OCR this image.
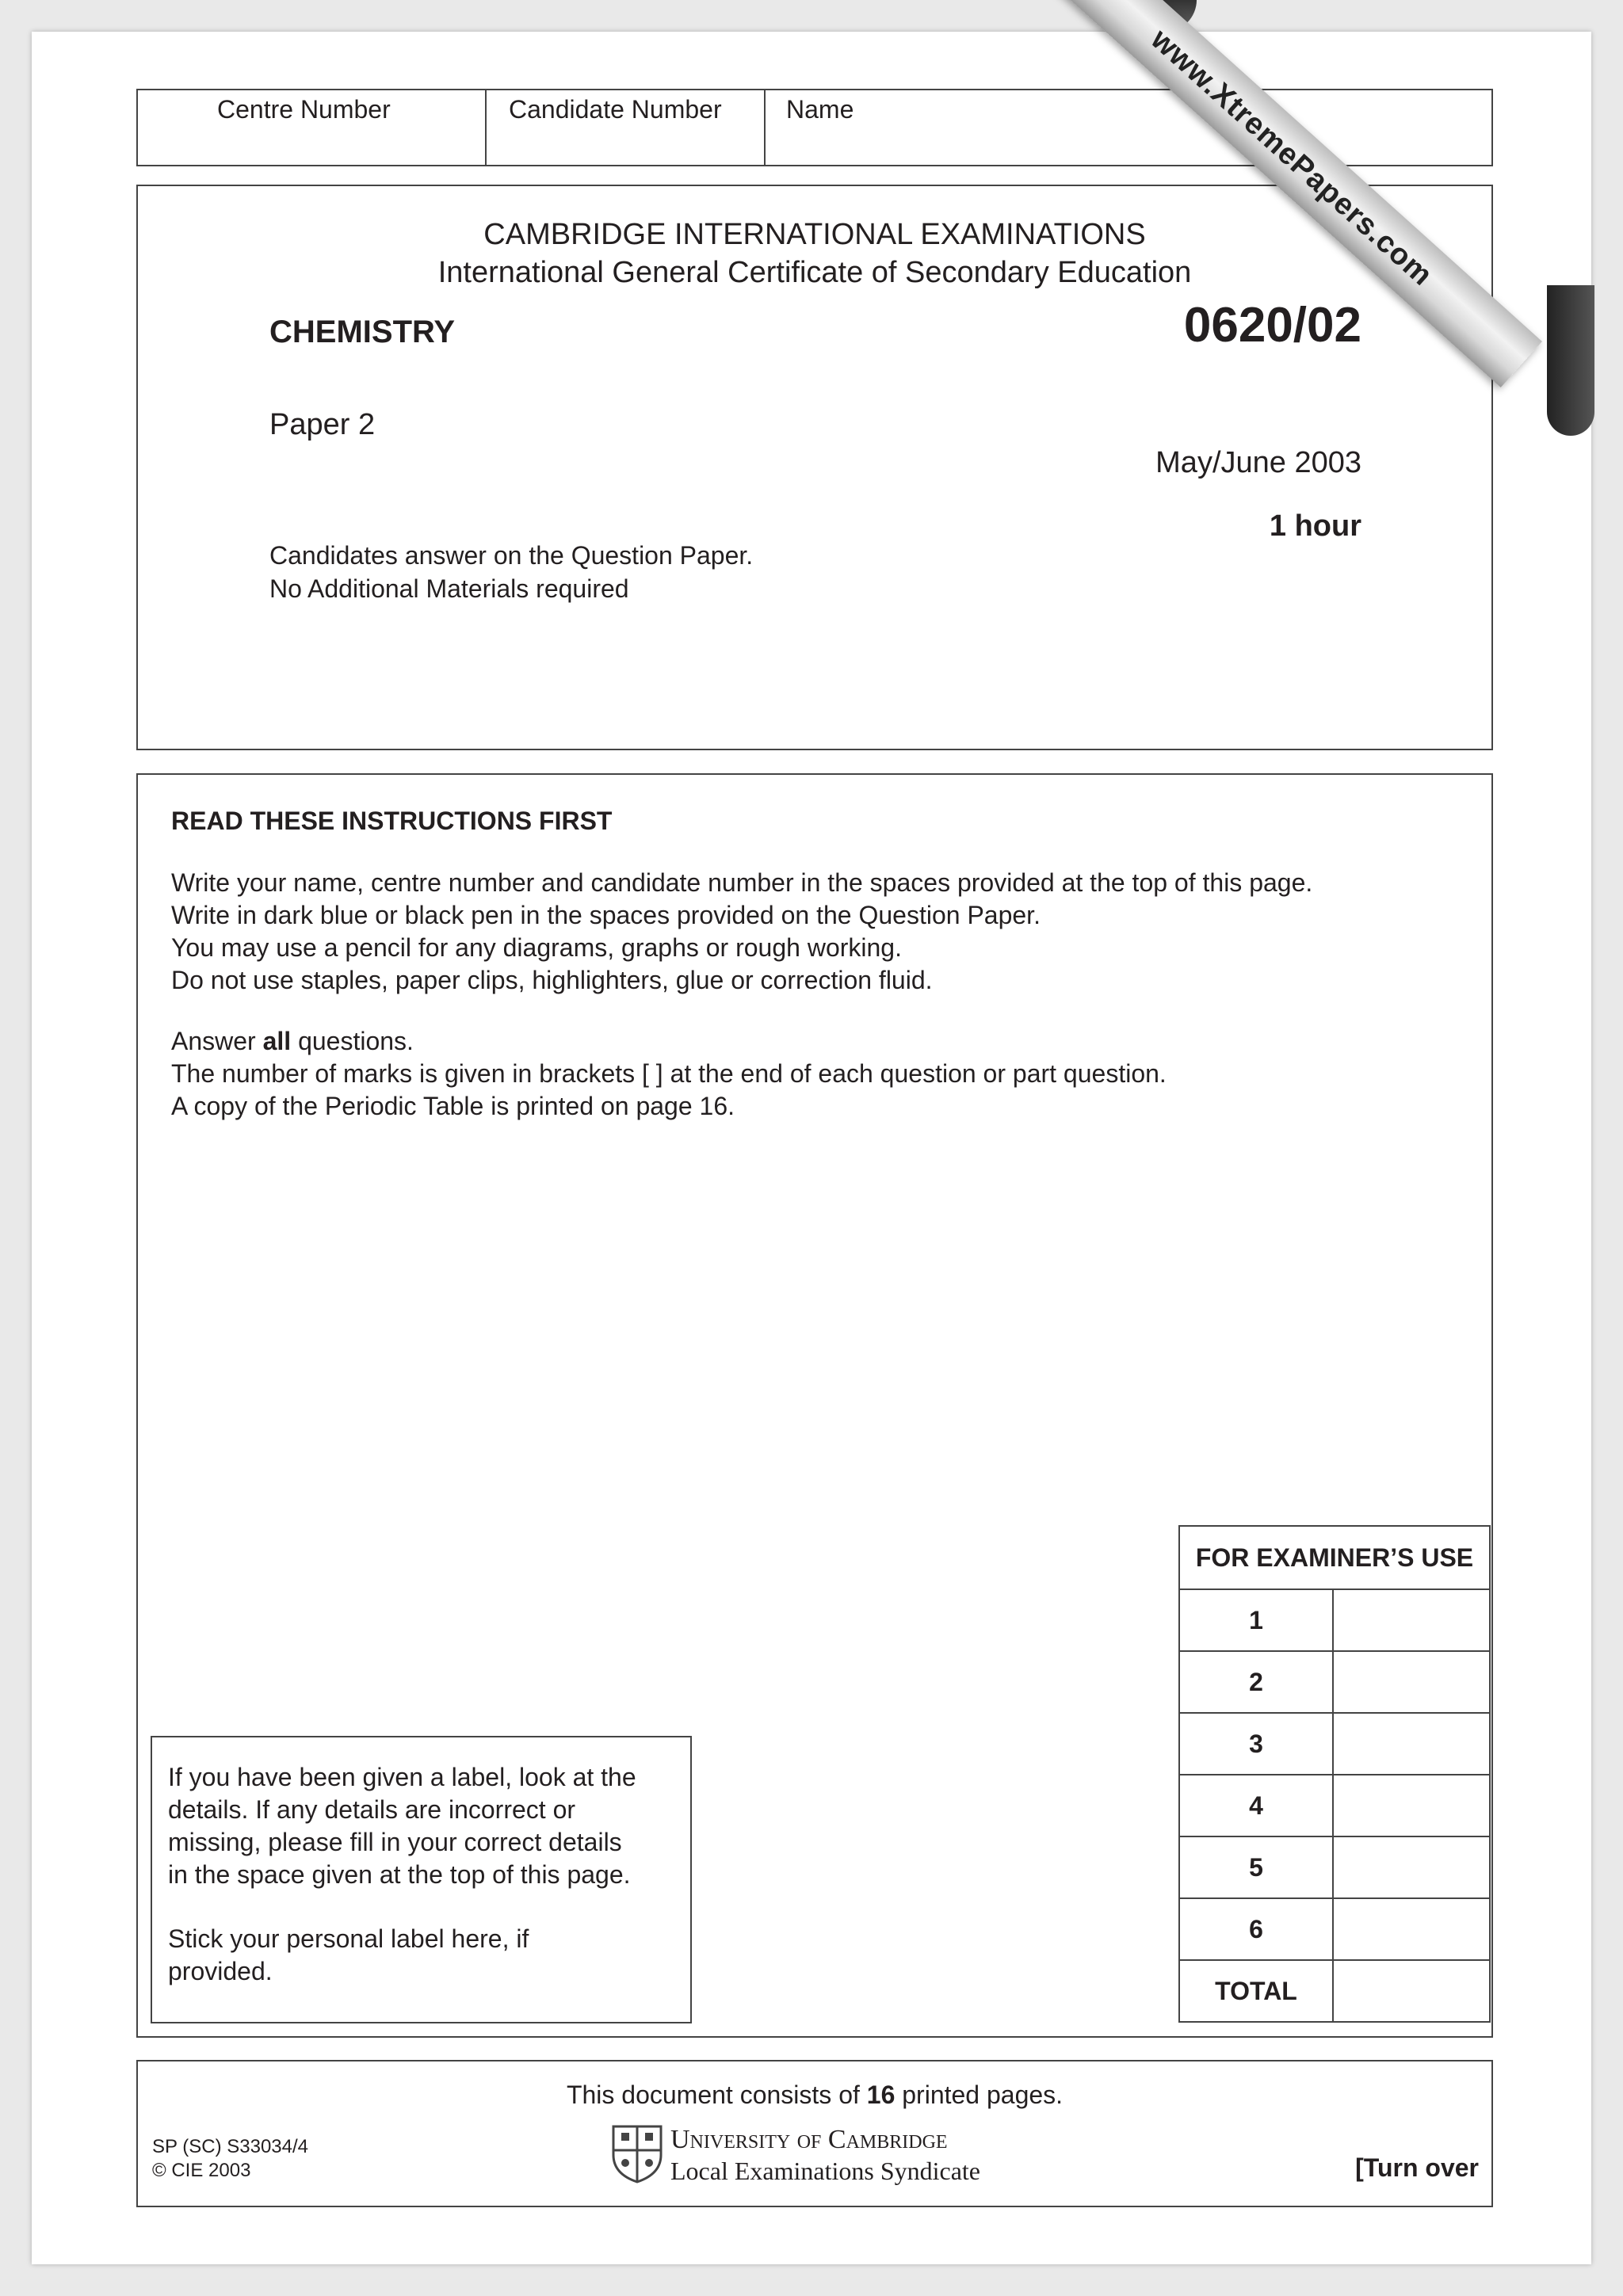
Centre Number	Candidate Number	Name
CAMBRIDGE INTERNATIONAL EXAMINATIONS
International General Certificate of Secondary Education
CHEMISTRY	0620/02
Paper 2
May/June 2003
1 hour
Candidates answer on the Question Paper.
No Additional Materials required
READ THESE INSTRUCTIONS FIRST
Write your name, centre number and candidate number in the spaces provided at the top of this page.
Write in dark blue or black pen in the spaces provided on the Question Paper.
You may use a pencil for any diagrams, graphs or rough working.
Do not use staples, paper clips, highlighters, glue or correction fluid.
Answer all questions.
The number of marks is given in brackets [ ] at the end of each question or part question.
A copy of the Periodic Table is printed on page 16.
If you have been given a label, look at the
details. If any details are incorrect or
missing, please fill in your correct details
in the space given at the top of this page.
Stick your personal label here, if
provided.
FOR EXAMINER’S USE	
1	
2	
3	
4	
5	
6	
TOTAL	
This document consists of 16 printed pages.
SP (SC) S33034/4
© CIE 2003
University of Cambridge
Local Examinations Syndicate	[Turn over
www.XtremePapers.com
